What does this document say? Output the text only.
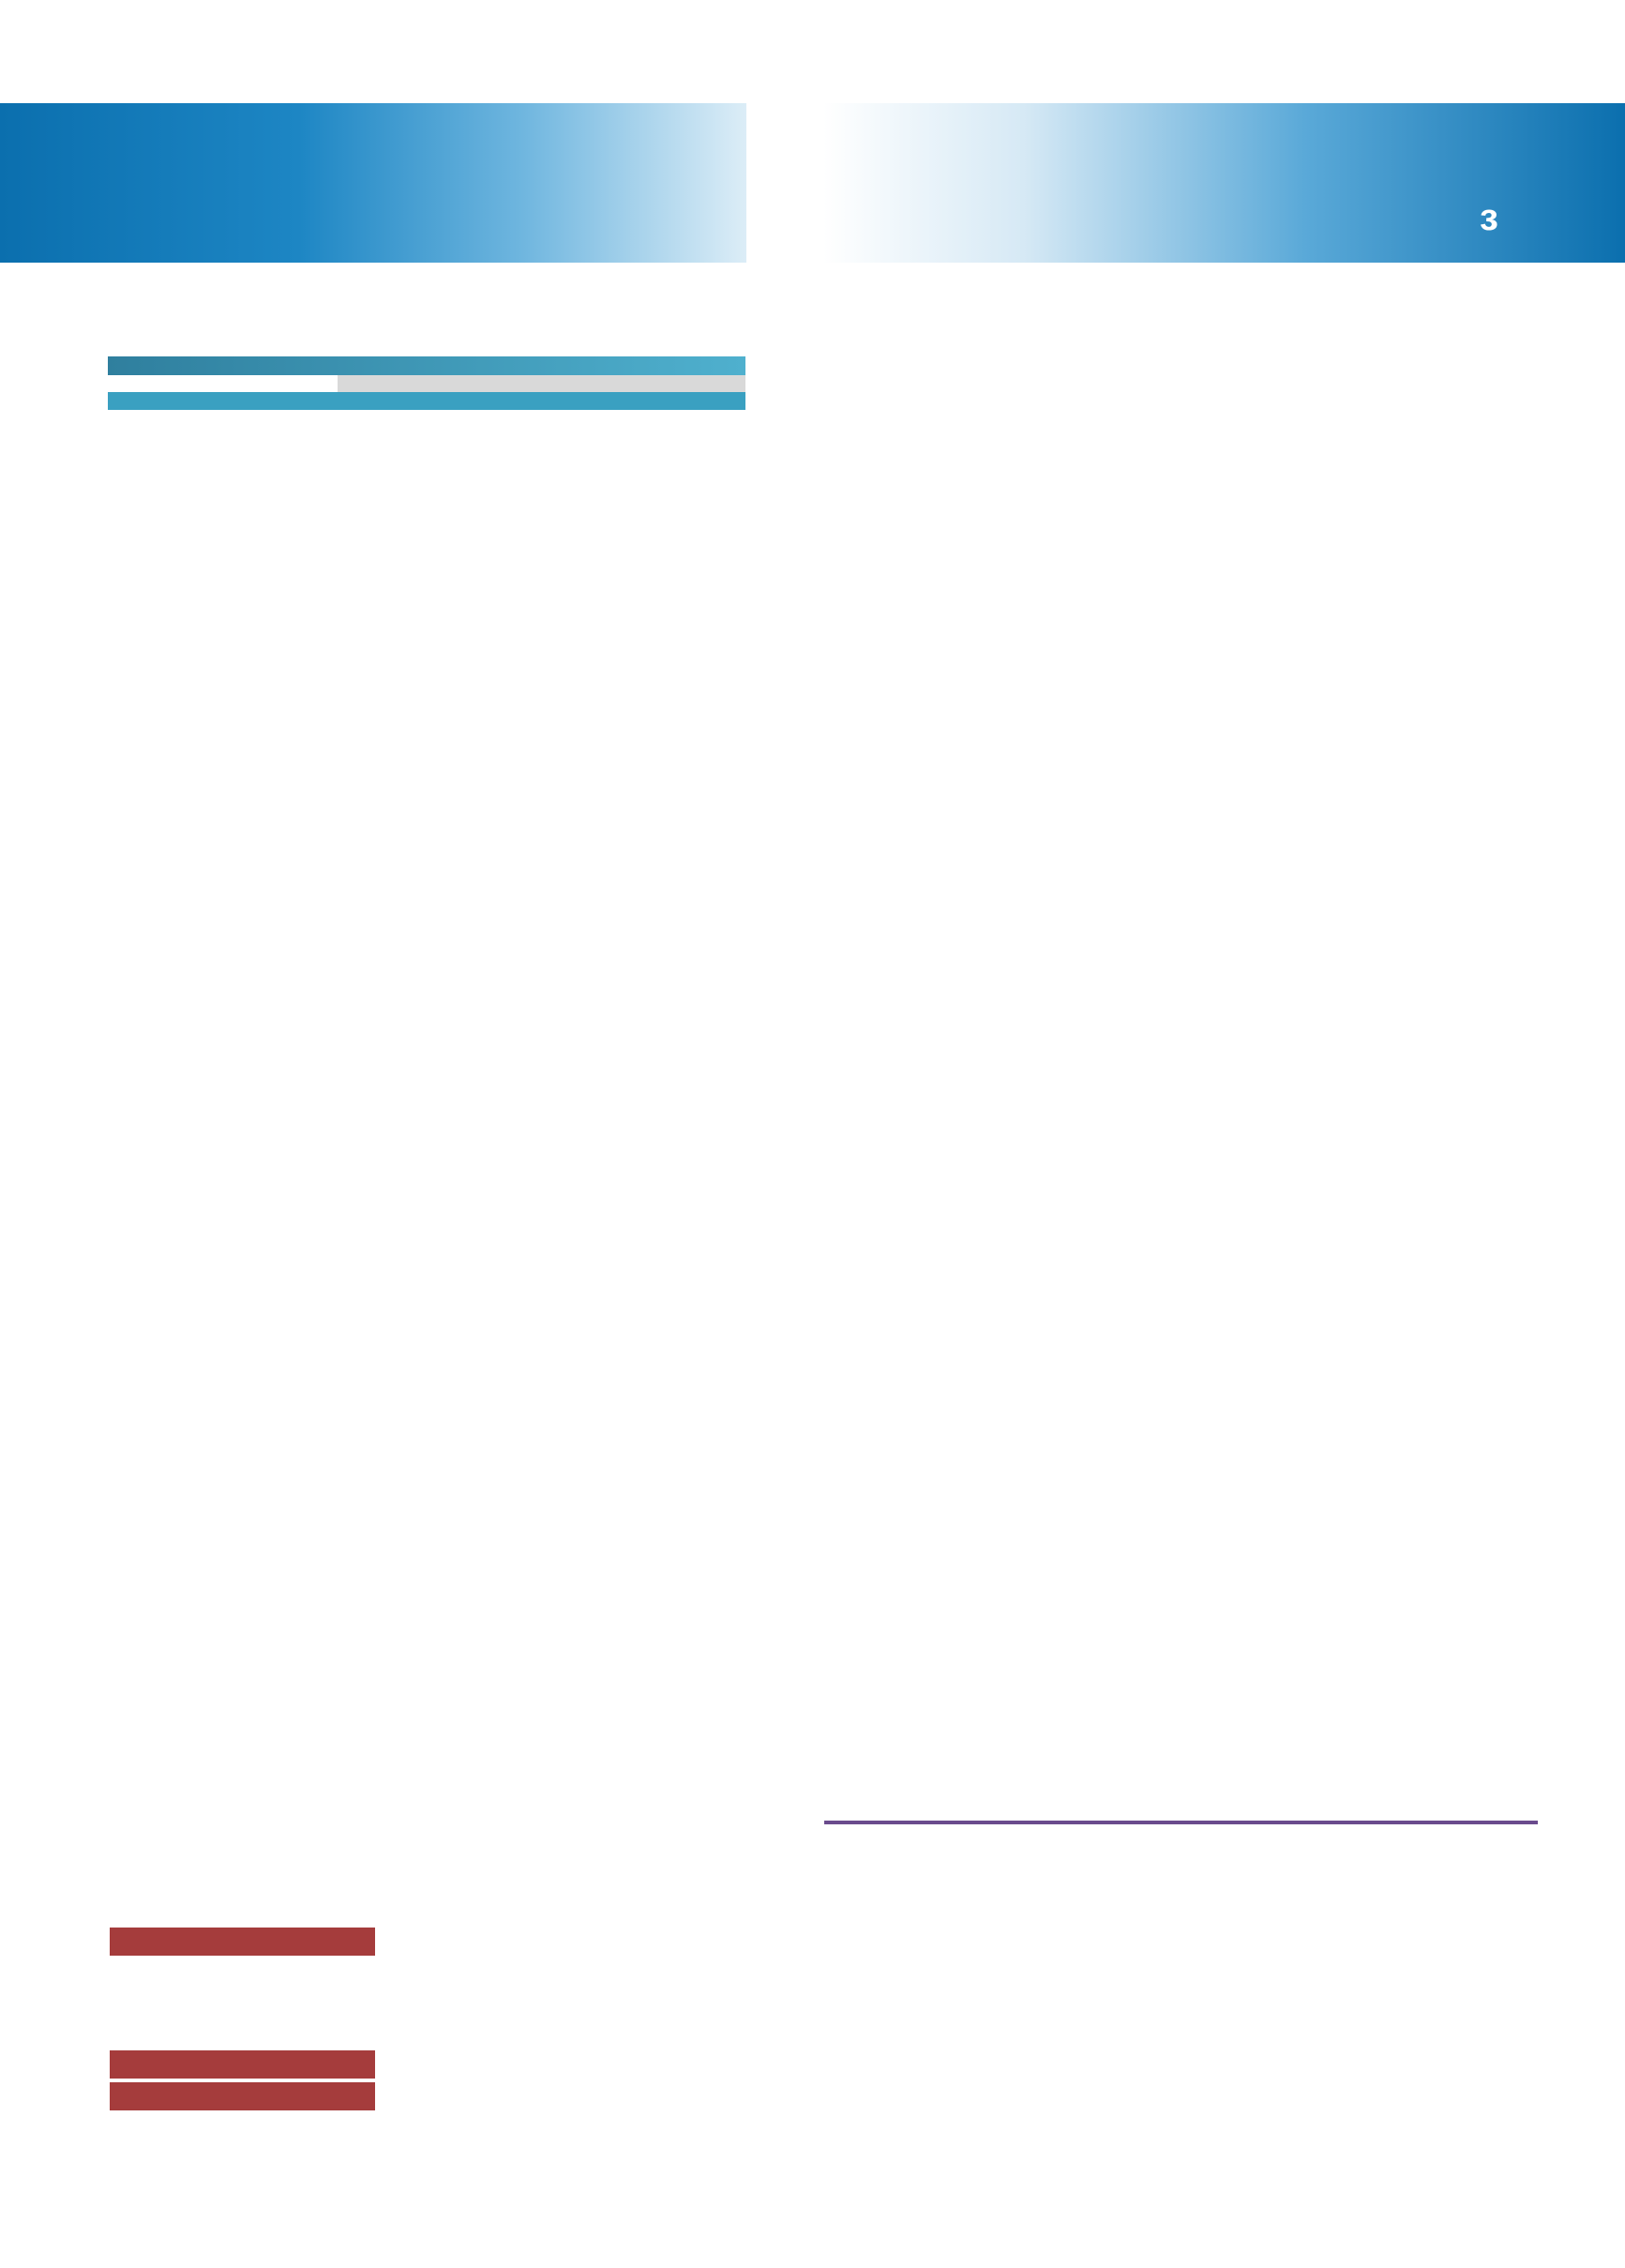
ɜ
